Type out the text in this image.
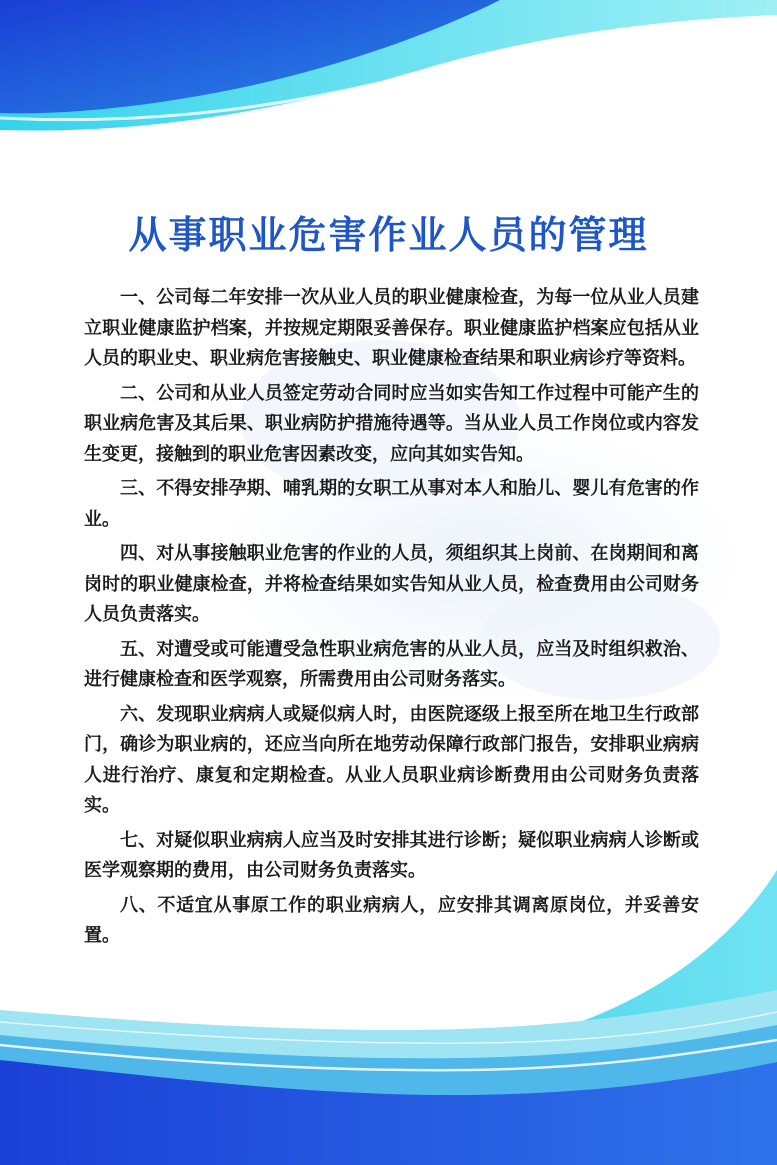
从事职业危害作业人员的管理

一、公司每二年安排一次从业人员的职业健康检查，为每一位从业人员建立职业健康监护档案，并按规定期限妥善保存。职业健康监护档案应包括从业人员的职业史、职业病危害接触史、职业健康检查结果和职业病诊疗等资料。

二、公司和从业人员签定劳动合同时应当如实告知工作过程中可能产生的职业病危害及其后果、职业病防护措施待遇等。当从业人员工作岗位或内容发生变更，接触到的职业危害因素改变，应向其如实告知。

三、不得安排孕期、哺乳期的女职工从事对本人和胎儿、婴儿有危害的作业。

四、对从事接触职业危害的作业的人员，须组织其上岗前、在岗期间和离岗时的职业健康检查，并将检查结果如实告知从业人员，检查费用由公司财务人员负责落实。

五、对遭受或可能遭受急性职业病危害的从业人员，应当及时组织救治、进行健康检查和医学观察，所需费用由公司财务落实。

六、发现职业病病人或疑似病人时，由医院逐级上报至所在地卫生行政部门，确诊为职业病的，还应当向所在地劳动保障行政部门报告，安排职业病病人进行治疗、康复和定期检查。从业人员职业病诊断费用由公司财务负责落实。

七、对疑似职业病病人应当及时安排其进行诊断；疑似职业病病人诊断或医学观察期的费用，由公司财务负责落实。

八、不适宜从事原工作的职业病病人，应安排其调离原岗位，并妥善安置。
